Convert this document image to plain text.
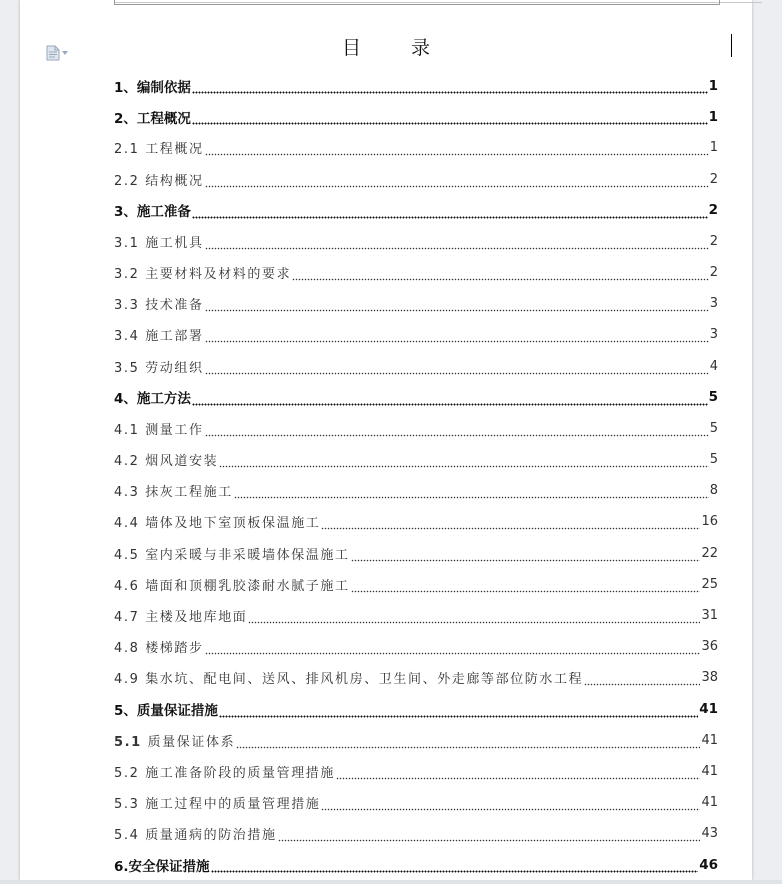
目 录
1、编制依据	1
2、工程概况	1
2.1 工程概况	1
2.2 结构概况	2
3、施工准备	2
3.1 施工机具	2
3.2 主要材料及材料的要求	2
3.3 技术准备	3
3.4 施工部署	3
3.5 劳动组织	4
4、施工方法	5
4.1 测量工作	5
4.2 烟风道安装	5
4.3 抹灰工程施工	8
4.4 墙体及地下室顶板保温施工	16
4.5 室内采暖与非采暖墙体保温施工	22
4.6 墙面和顶棚乳胶漆耐水腻子施工	25
4.7 主楼及地库地面	31
4.8 楼梯踏步	36
4.9 集水坑、配电间、送风、排风机房、卫生间、外走廊等部位防水工程	38
5、质量保证措施	41
5.1 质量保证体系	41
5.2 施工准备阶段的质量管理措施	41
5.3 施工过程中的质量管理措施	41
5.4 质量通病的防治措施	43
6.安全保证措施	46
